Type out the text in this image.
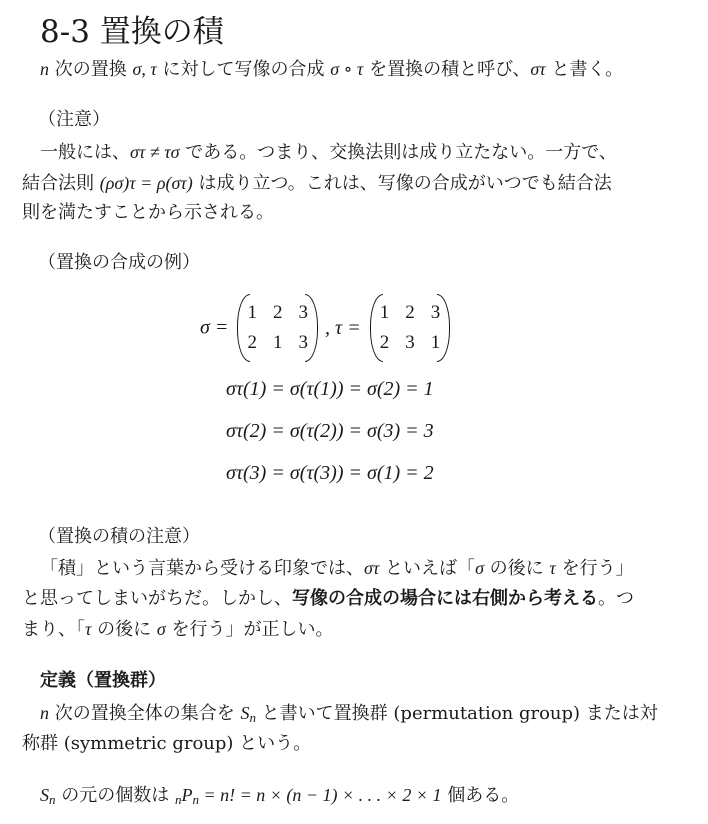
8-3 置換の積
n 次の置換 σ, τ に対して写像の合成 σ ∘ τ を置換の積と呼び、στ と書く。
（注意）
一般には、στ ≠ τσ である。つまり、交換法則は成り立たない。一方で、
結合法則 (ρσ)τ = ρ(στ) は成り立つ。これは、写像の合成がいつでも結合法
則を満たすことから示される。
（置換の合成の例）
σ =
1	2	3
2	1	3
, τ =
1	2	3
2	3	1
στ(1) = σ(τ(1)) = σ(2) = 1
στ(2) = σ(τ(2)) = σ(3) = 3
στ(3) = σ(τ(3)) = σ(1) = 2
（置換の積の注意）
「積」という言葉から受ける印象では、στ といえば「σ の後に τ を行う」
と思ってしまいがちだ。しかし、写像の合成の場合には右側から考える。つ
まり、「τ の後に σ を行う」が正しい。
定義（置換群）
n 次の置換全体の集合を $S_n$ と書いて置換群 (permutation group) または対
称群 (symmetric group) という。
$S_n$ の元の個数は $_nP_n = n$! = n × (n − 1) × . . . × 2 × 1 個ある。
